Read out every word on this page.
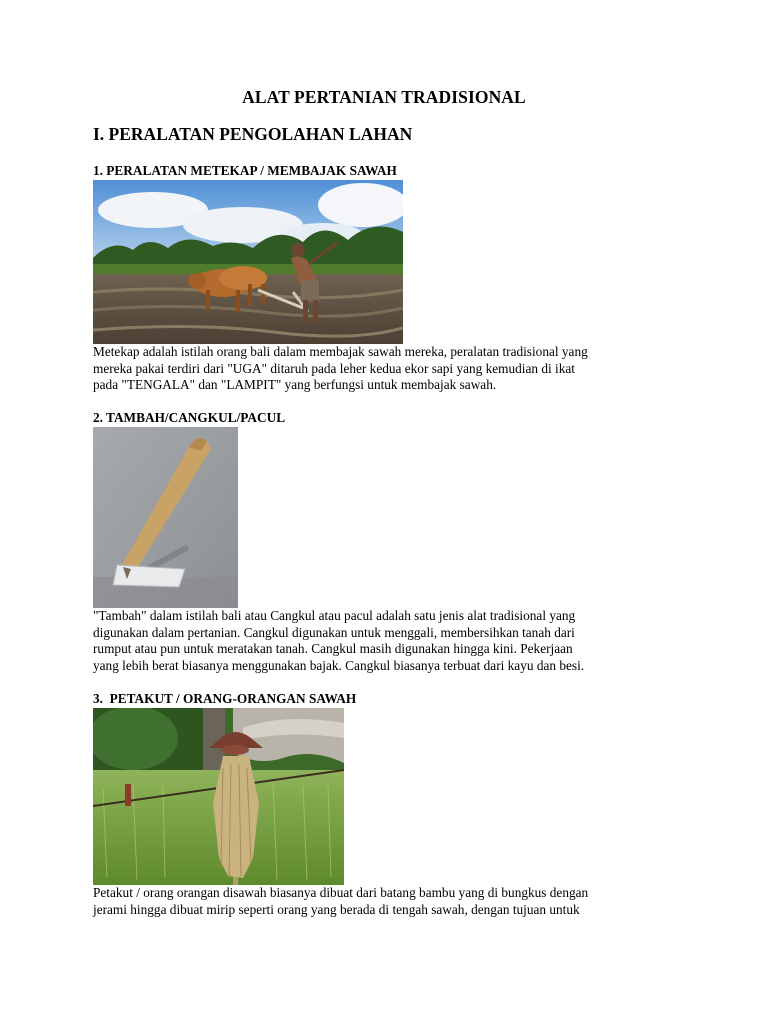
ALAT PERTANIAN TRADISIONAL
I. PERALATAN PENGOLAHAN LAHAN
1. PERALATAN METEKAP / MEMBAJAK SAWAH
Metekap adalah istilah orang bali dalam membajak sawah mereka, peralatan tradisional yang
mereka pakai terdiri dari "UGA" ditaruh pada leher kedua ekor sapi yang kemudian di ikat
pada "TENGALA" dan "LAMPIT" yang berfungsi untuk membajak sawah.
2. TAMBAH/CANGKUL/PACUL
"Tambah" dalam istilah bali atau Cangkul atau pacul adalah satu jenis alat tradisional yang
digunakan dalam pertanian. Cangkul digunakan untuk menggali, membersihkan tanah dari
rumput atau pun untuk meratakan tanah. Cangkul masih digunakan hingga kini. Pekerjaan
yang lebih berat biasanya menggunakan bajak. Cangkul biasanya terbuat dari kayu dan besi.
3.  PETAKUT / ORANG-ORANGAN SAWAH
Petakut / orang orangan disawah biasanya dibuat dari batang bambu yang di bungkus dengan
jerami hingga dibuat mirip seperti orang yang berada di tengah sawah, dengan tujuan untuk
